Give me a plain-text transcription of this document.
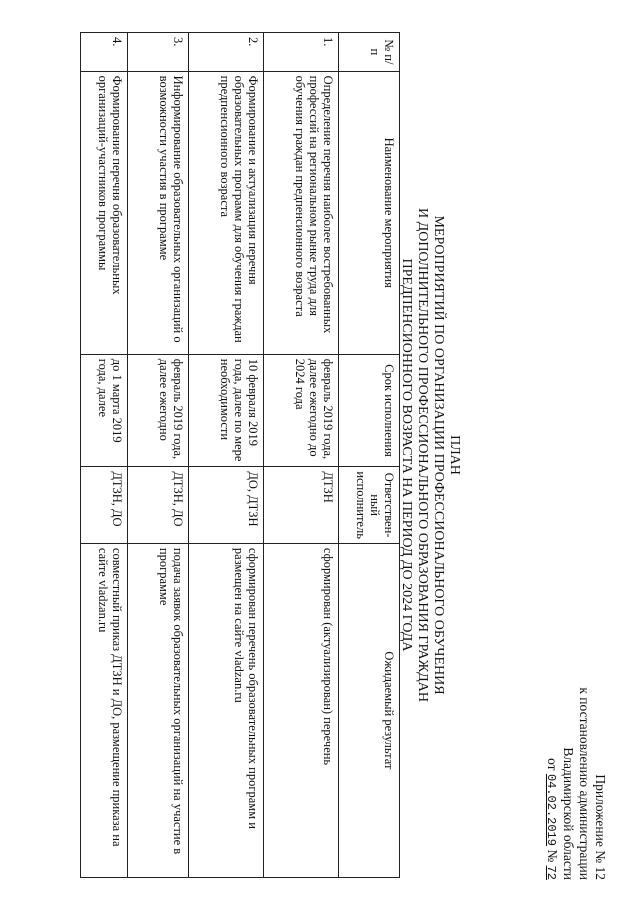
Приложение № 12
к постановлению администрации
Владимирской области
от 04.02.2019 № 72
ПЛАН
МЕРОПРИЯТИЙ ПО ОРГАНИЗАЦИИ ПРОФЕССИОНАЛЬНОГО ОБУЧЕНИЯ
И ДОПОЛНИТЕЛЬНОГО ПРОФЕССИОНАЛЬНОГО ОБРАЗОВАНИЯ ГРАЖДАН
ПРЕДПЕНСИОННОГО ВОЗРАСТА НА ПЕРИОД ДО 2024 ГОДА
№ п/п	Наименование мероприятия	Срок исполнения	Ответствен-ный исполнитель	Ожидаемый результат
1.	Определение перечня наиболее востребованных профессий на региональном рынке труда для обучения граждан предпенсионного возраста	февраль 2019 года, далее ежегодно до 2024 года	ДТЗН	сформирован (актуализирован) перечень
2.	Формирование и актуализация перечня образовательных программ для обучения граждан предпенсионного возраста	10 февраля 2019 года, далее по мере необходимости	ДО, ДТЗН	сформирован перечень образовательных программ и размещен на сайте vladzan.ru
3.	Информирование образовательных организаций о возможности участия в программе	февраль 2019 года, далее ежегодно	ДТЗН, ДО	подача заявок образовательных организаций на участие в программе
4.	Формирование перечня образовательных организаций-участников программы	до 1 марта 2019 года, далее	ДТЗН, ДО	совместный приказ ДТЗН и ДО, размещение приказа на сайте vladzan.ru
